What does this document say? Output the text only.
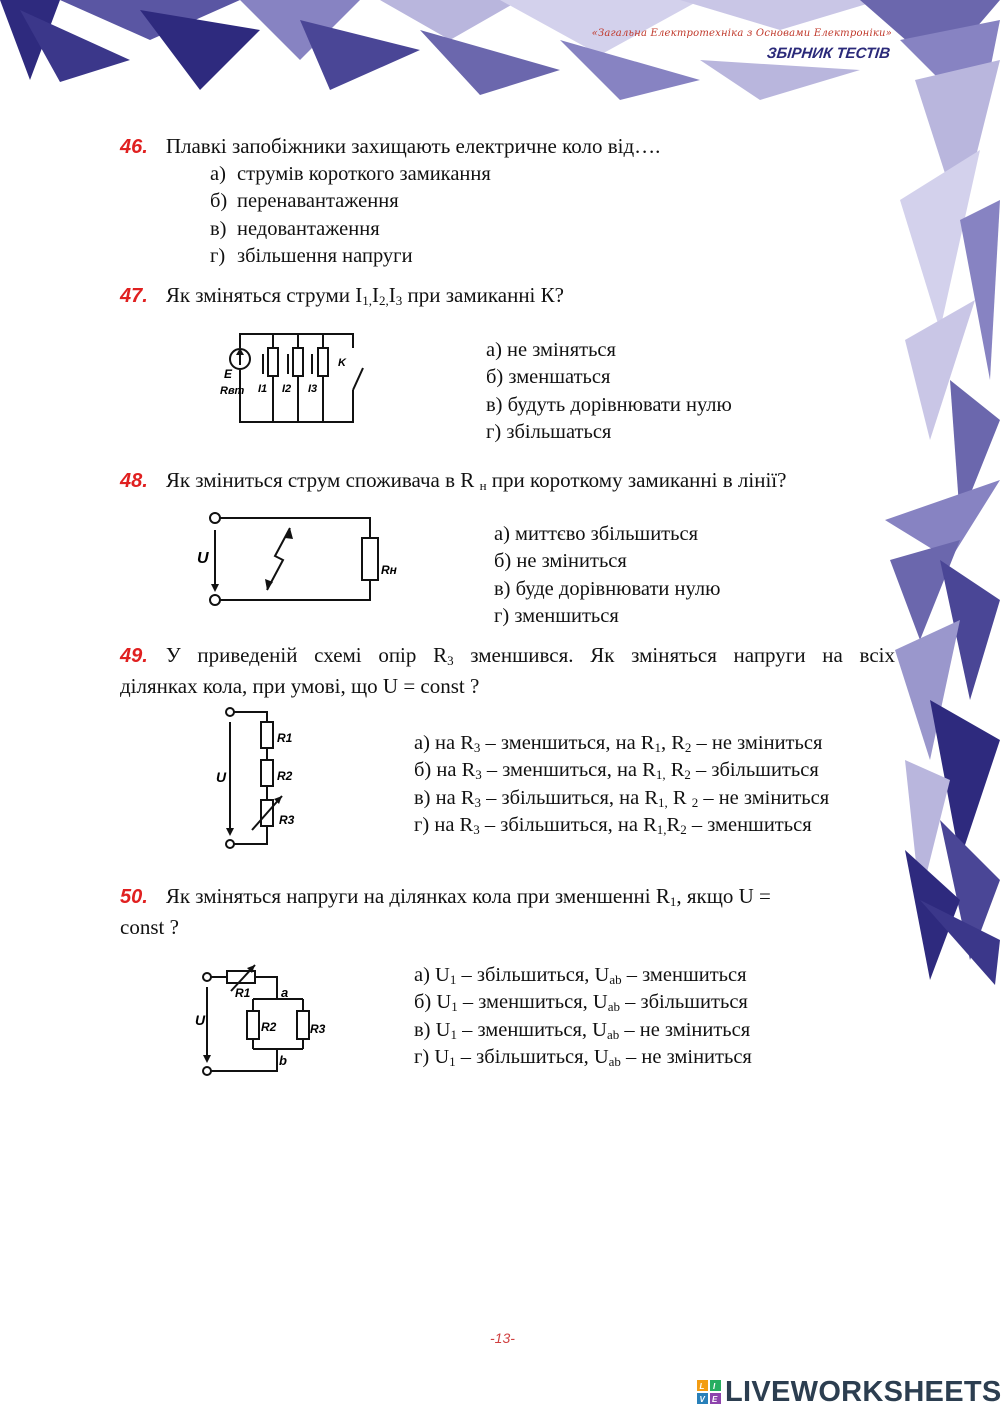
«Загальна Електротехніка з Основами Електроніки»
ЗБІРНИК ТЕСТІВ
46. Плавкі запобіжники захищають електричне коло від….
а) струмів короткого замикання
б) перенавантаження
в) недовантаження
г) збільшення напруги
47. Як зміняться струми $I_{1,}I_{2,}I_3$ при замиканні К?
E
Rвт I1 I2 I3
K
а) не зміняться
б) зменшаться
в) будуть дорівнювати нулю
г) збільшаться
48. Як зміниться струм споживача в R $_н$ при короткому замиканні в лінії?
U
Rн
а) миттєво збільшиться
б) не зміниться
в) буде дорівнювати нулю
г) зменшиться
49. У приведеній схемі опір $R_3$ зменшився. Як зміняться напруги на всіх
ділянках кола, при умові, що U = const ?
U
R1
R2
R3
а) на $R_3$ – зменшиться, на $R_1$, $R_2$ – не зміниться
б) на $R_3$ – зменшиться, на $R_{1,}$ $R_2$ – збільшиться
в) на $R_3$ – збільшиться, на $R_{1,}$ R $_2$ – не зміниться
г) на $R_3$ – збільшиться, на $R_{1,}R_2$ – зменшиться
50. Як зміняться напруги на ділянках кола при зменшенні $R_1$, якщо U =
const ?
U
R1
R2	R3
a
b
а) $U_1$ – збільшиться, $U_{ab}$ – зменшиться
б) $U_1$ – зменшиться, $U_{ab}$ – збільшиться
в) $U_1$ – зменшиться, $U_{ab}$ – не зміниться
г) $U_1$ – збільшиться, $U_{ab}$ – не зміниться
-13-
L I
V E LIVEWORKSHEETS
